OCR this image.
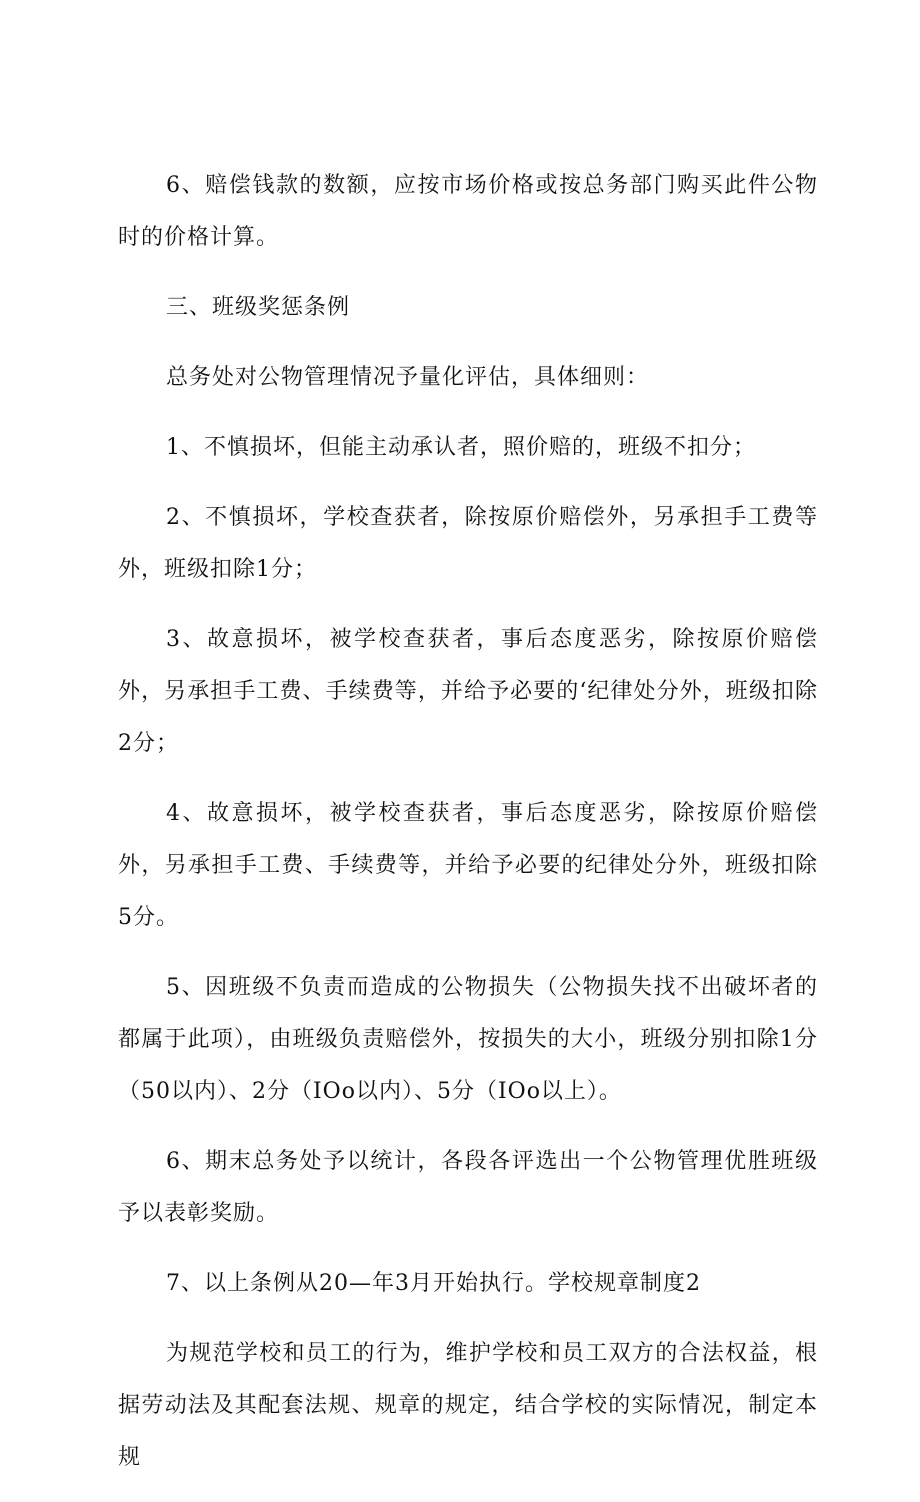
6、赔偿钱款的数额，应按市场价格或按总务部门购买此件公物时的价格计算。

三、班级奖惩条例

总务处对公物管理情况予量化评估，具体细则：

1、不慎损坏，但能主动承认者，照价赔的，班级不扣分；

2、不慎损坏，学校查获者，除按原价赔偿外，另承担手工费等外，班级扣除1分；

3、故意损坏，被学校查获者，事后态度恶劣，除按原价赔偿外，另承担手工费、手续费等，并给予必要的‘纪律处分外，班级扣除2分；

4、故意损坏，被学校查获者，事后态度恶劣，除按原价赔偿外，另承担手工费、手续费等，并给予必要的纪律处分外，班级扣除5分。

5、因班级不负责而造成的公物损失（公物损失找不出破坏者的都属于此项），由班级负责赔偿外，按损失的大小，班级分别扣除1分（50以内）、2分（IOo以内）、5分（IOo以上）。

6、期末总务处予以统计，各段各评选出一个公物管理优胜班级予以表彰奖励。

7、以上条例从20—年3月开始执行。学校规章制度2

为规范学校和员工的行为，维护学校和员工双方的合法权益，根据劳动法及其配套法规、规章的规定，结合学校的实际情况，制定本规
